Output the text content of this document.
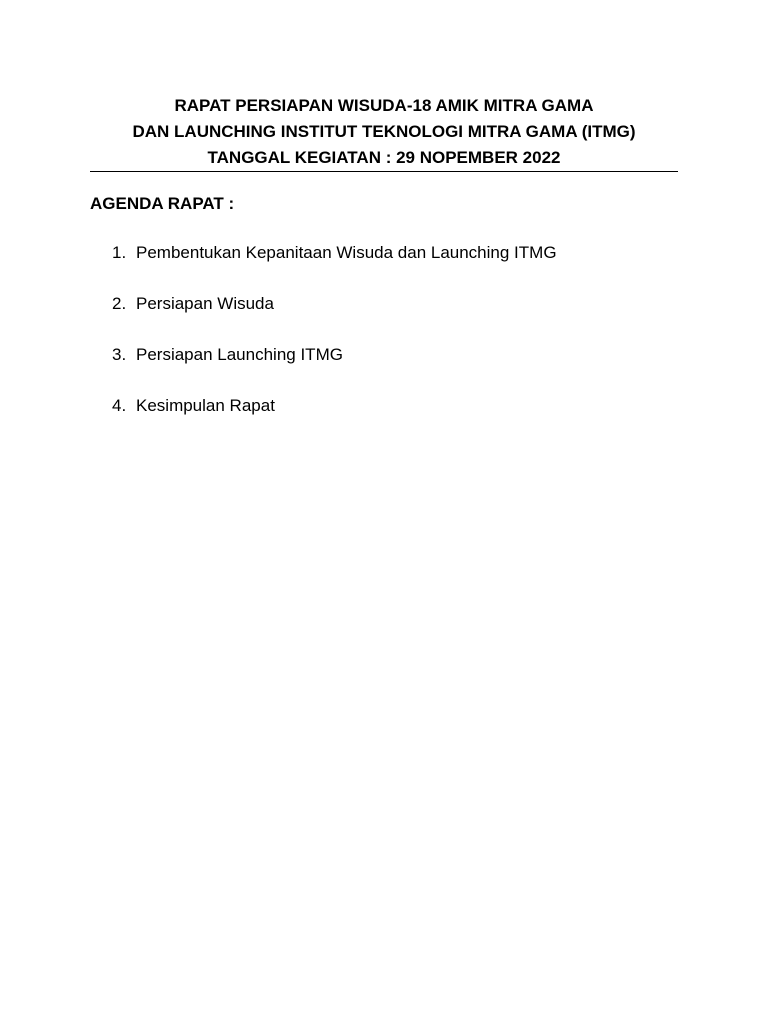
RAPAT PERSIAPAN WISUDA-18 AMIK MITRA GAMA
DAN LAUNCHING INSTITUT TEKNOLOGI MITRA GAMA (ITMG)
TANGGAL KEGIATAN : 29 NOPEMBER 2022
AGENDA RAPAT :
1. Pembentukan Kepanitaan Wisuda dan Launching ITMG
2. Persiapan Wisuda
3. Persiapan Launching ITMG
4. Kesimpulan Rapat
